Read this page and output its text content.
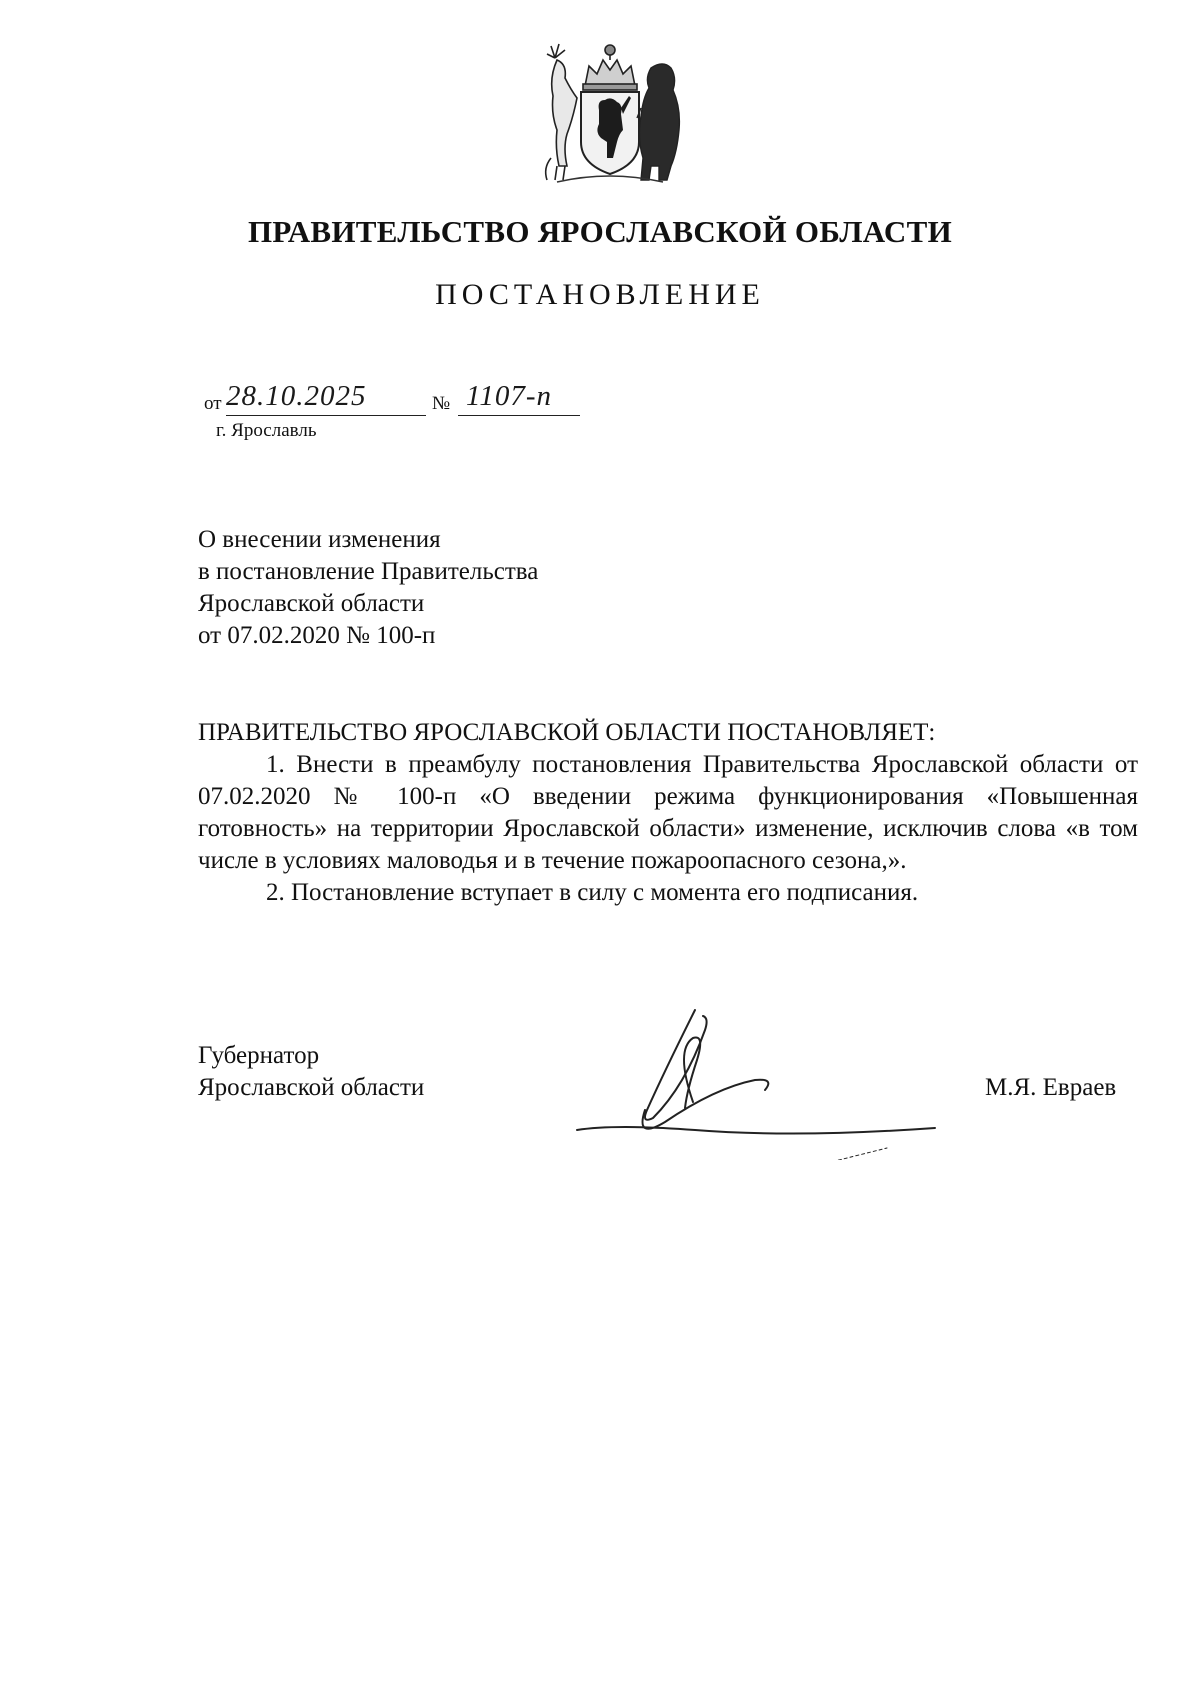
ПРАВИТЕЛЬСТВО ЯРОСЛАВСКОЙ ОБЛАСТИ
ПОСТАНОВЛЕНИЕ
от 28.10.2025	№ 1107-п
г. Ярославль
О внесении изменения
в постановление Правительства
Ярославской области
от 07.02.2020 № 100-п
ПРАВИТЕЛЬСТВО ЯРОСЛАВСКОЙ ОБЛАСТИ ПОСТАНОВЛЯЕТ:

1. Внести в преамбулу постановления Правительства Ярославской области от 07.02.2020 № 100-п «О введении режима функционирования «Повышенная готовность» на территории Ярославской области» изменение, исключив слова «в том числе в условиях маловодья и в течение пожароопасного сезона,».

2. Постановление вступает в силу с момента его подписания.

Губернатор
Ярославской области	М.Я. Евраев
